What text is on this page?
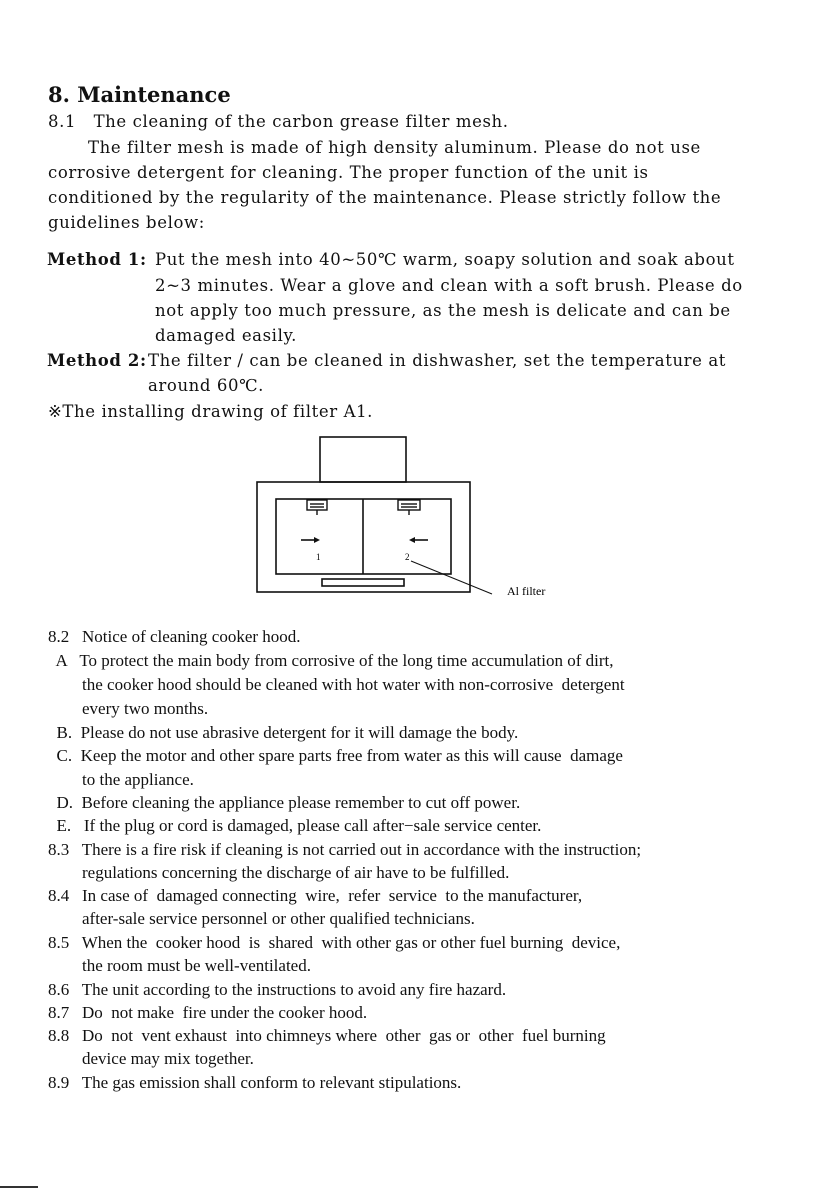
8. Maintenance
8.1   The cleaning of the carbon grease filter mesh.
The filter mesh is made of high density aluminum. Please do not use
corrosive detergent for cleaning. The proper function of the unit is
conditioned by the regularity of the maintenance. Please strictly follow the
guidelines below:
Method 1: Put the mesh into 40~50℃ warm, soapy solution and soak about
2~3 minutes. Wear a glove and clean with a soft brush. Please do
not apply too much pressure, as the mesh is delicate and can be
damaged easily.
Method 2: The filter / can be cleaned in dishwasher, set the temperature at
around 60℃.
※The installing drawing of filter A1.
1	2
Al filter
8.2   Notice of cleaning cooker hood.
A   To protect the main body from corrosive of the long time accumulation of dirt,
the cooker hood should be cleaned with hot water with non-corrosive  detergent
every two months.
B.  Please do not use abrasive detergent for it will damage the body.
C.  Keep the motor and other spare parts free from water as this will cause  damage
to the appliance.
D.  Before cleaning the appliance please remember to cut off power.
E.   If the plug or cord is damaged, please call after−sale service center.
8.3   There is a fire risk if cleaning is not carried out in accordance with the instruction;
regulations concerning the discharge of air have to be fulfilled.
8.4   In case of  damaged connecting  wire,  refer  service  to the manufacturer,
after-sale service personnel or other qualified technicians.
8.5   When the  cooker hood  is  shared  with other gas or other fuel burning  device,
the room must be well-ventilated.
8.6   The unit according to the instructions to avoid any fire hazard.
8.7   Do  not make  fire under the cooker hood.
8.8   Do  not  vent exhaust  into chimneys where  other  gas or  other  fuel burning
device may mix together.
8.9   The gas emission shall conform to relevant stipulations.
